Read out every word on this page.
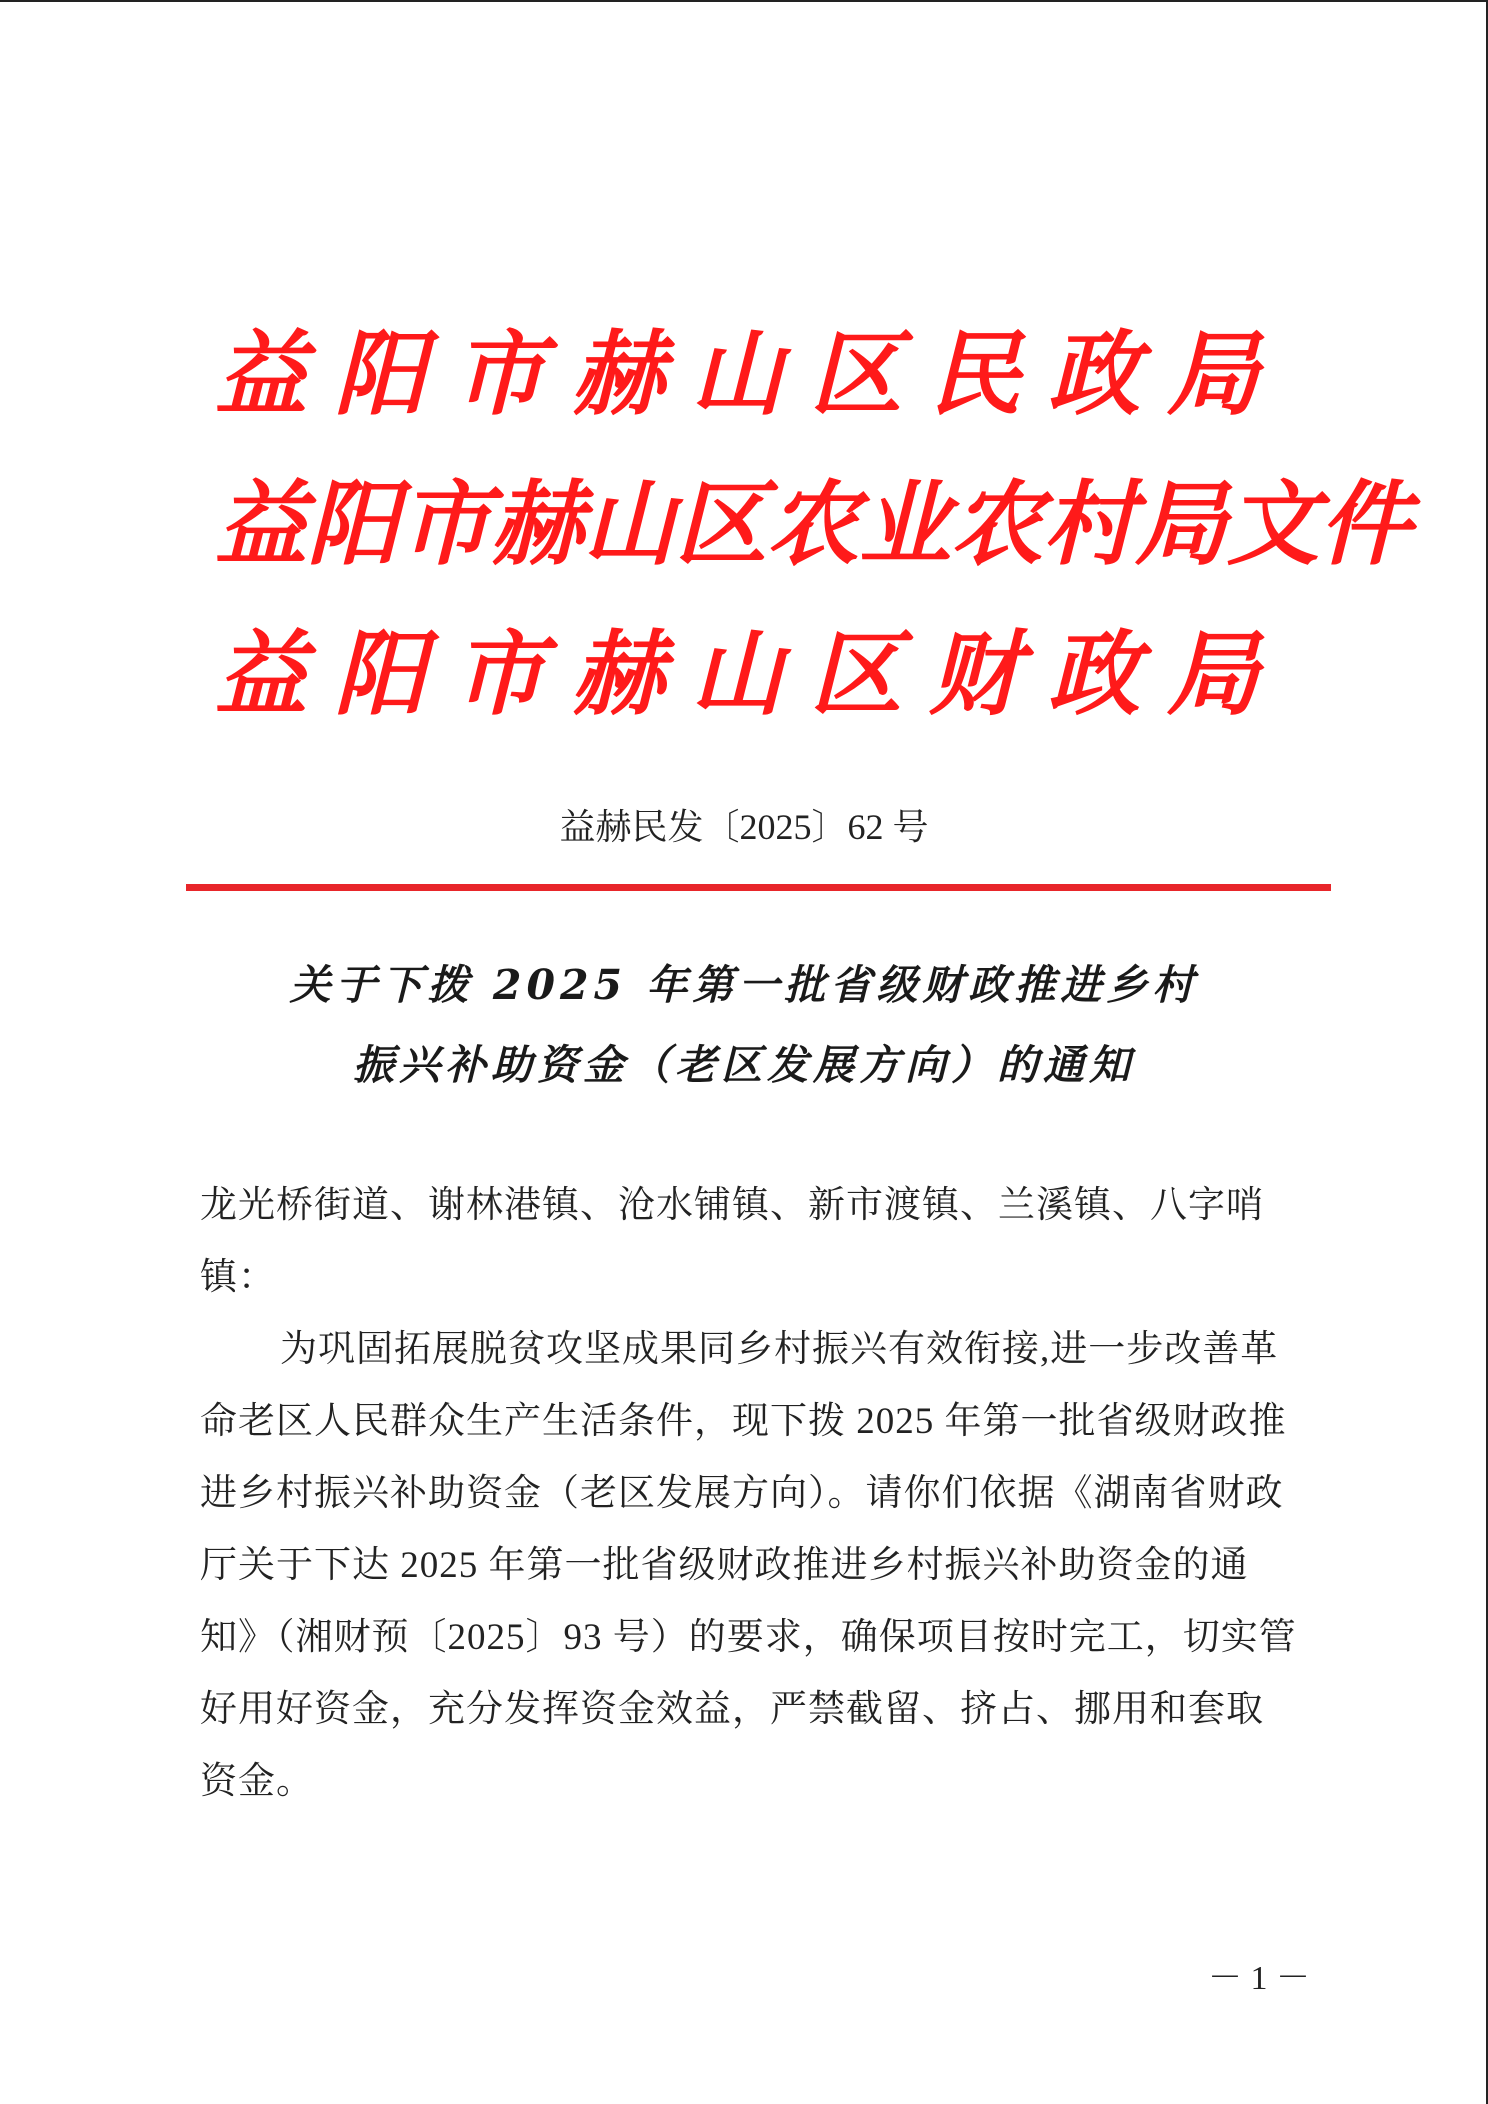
益阳市赫山区民政局
益阳市赫山区农业农村局文件
益阳市赫山区财政局
益赫民发〔2025〕62 号
关于下拨 2025 年第一批省级财政推进乡村
振兴补助资金（老区发展方向）的通知
龙光桥街道、谢林港镇、沧水铺镇、新市渡镇、兰溪镇、八字哨镇：
为巩固拓展脱贫攻坚成果同乡村振兴有效衔接,进一步改善革命老区人民群众生产生活条件，现下拨 2025 年第一批省级财政推进乡村振兴补助资金（老区发展方向）。请你们依据《湖南省财政厅关于下达 2025 年第一批省级财政推进乡村振兴补助资金的通知》（湘财预〔2025〕93 号）的要求，确保项目按时完工，切实管好用好资金，充分发挥资金效益，严禁截留、挤占、挪用和套取资金。
－ 1 －
